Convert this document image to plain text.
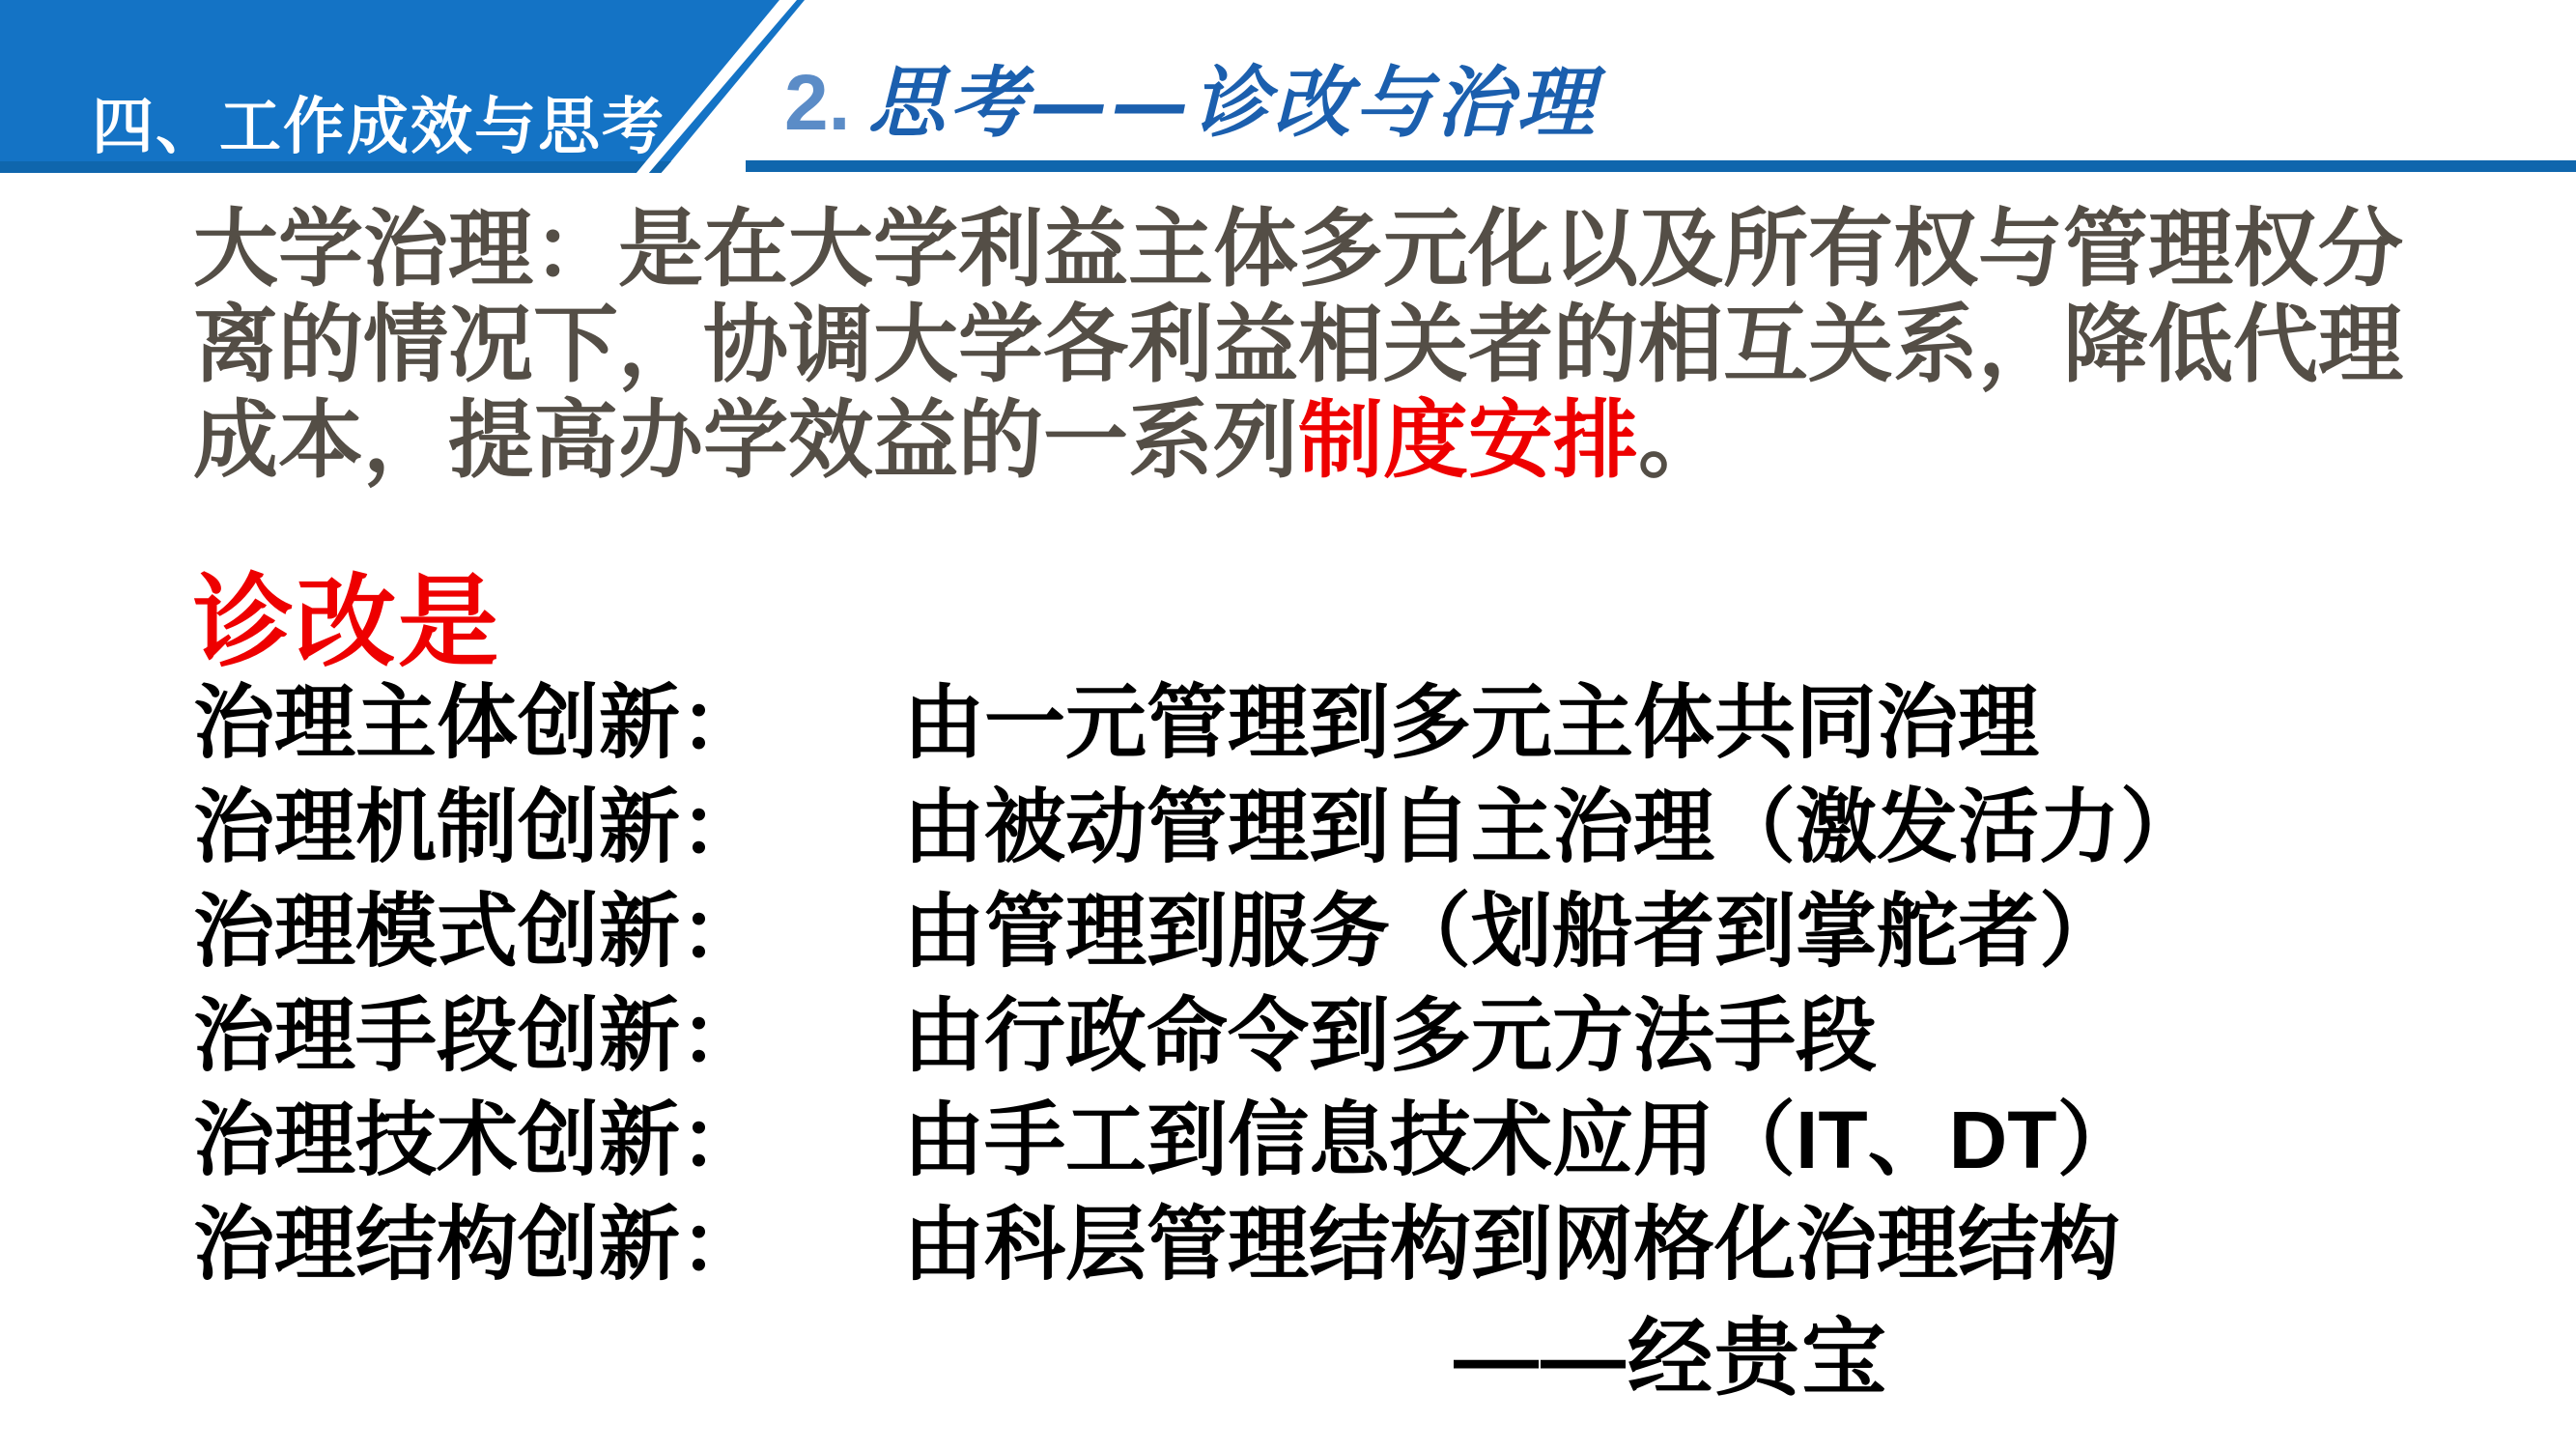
四、工作成效与思考 2. 思考——诊改与治理
大学治理：是在大学利益主体多元化以及所有权与管理权分
离的情况下，协调大学各利益相关者的相互关系，降低代理
成本，提高办学效益的一系列制度安排。
诊改是
治理主体创新：	由一元管理到多元主体共同治理
治理机制创新：	由被动管理到自主治理（激发活力）
治理模式创新：	由管理到服务（划船者到掌舵者）
治理手段创新：	由行政命令到多元方法手段
治理技术创新：	由手工到信息技术应用（IT、DT）
治理结构创新：	由科层管理结构到网格化治理结构
——经贵宝
